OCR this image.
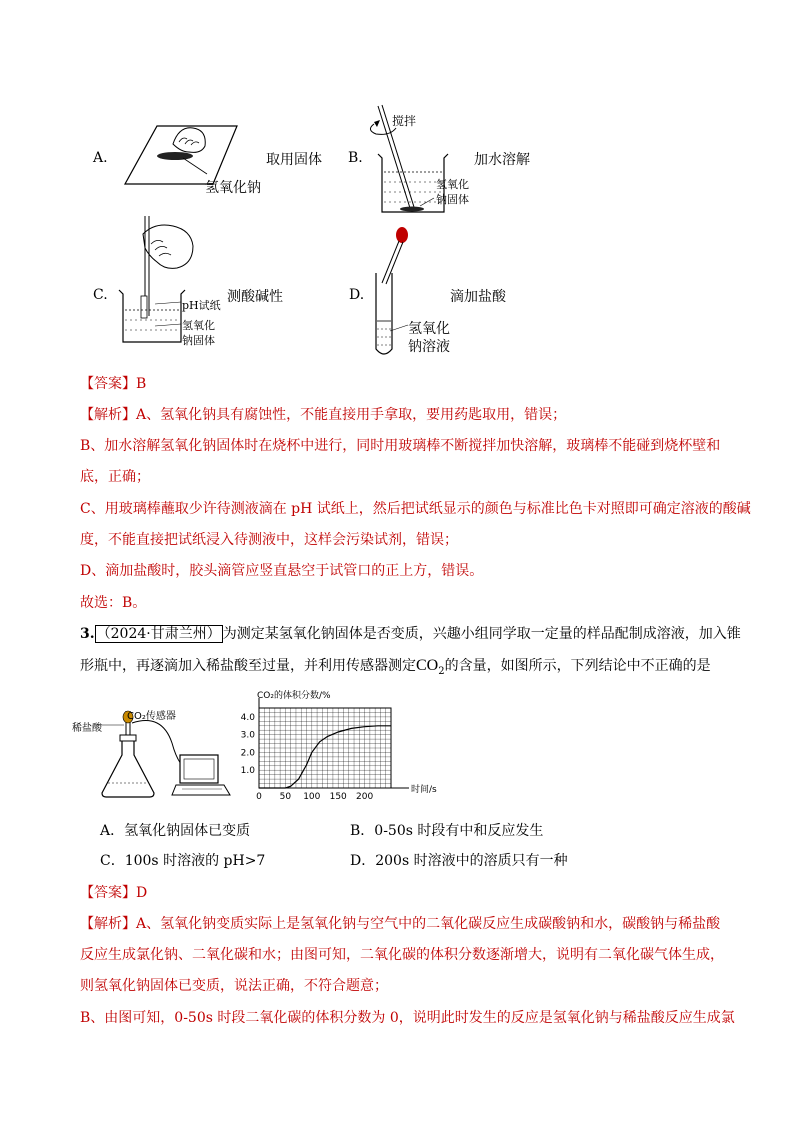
A.
氢氧化钠
取用固体 B.
搅拌
氢氧化
钠固体
加水溶解
C.
pH试纸
氢氧化
钠固体
测酸碱性	D.
氢氧化
钠溶液
滴加盐酸
【答案】B
【解析】A、氢氧化钠具有腐蚀性，不能直接用手拿取，要用药匙取用，错误；
B、加水溶解氢氧化钠固体时在烧杯中进行，同时用玻璃棒不断搅拌加快溶解，玻璃棒不能碰到烧杯壁和
底，正确；
C、用玻璃棒蘸取少许待测液滴在 pH 试纸上，然后把试纸显示的颜色与标准比色卡对照即可确定溶液的酸碱
度，不能直接把试纸浸入待测液中，这样会污染试剂，错误；
D、滴加盐酸时，胶头滴管应竖直悬空于试管口的正上方，错误。
故选：B。
3. （2024·甘肃兰州） 为测定某氢氧化钠固体是否变质，兴趣小组同学取一定量的样品配制成溶液，加入锥
形瓶中，再逐滴加入稀盐酸至过量，并利用传感器测定$CO_2$的含量，如图所示，下列结论中不正确的是
CO₂传感器
稀盐酸
0 50 100 150 200
1.0
2.0
3.0
4.0
CO₂的体积分数/%
时间/s
A．氢氧化钠固体已变质	B．0-50s 时段有中和反应发生
C．100s 时溶液的 pH>7	D．200s 时溶液中的溶质只有一种
【答案】D
【解析】A、氢氧化钠变质实际上是氢氧化钠与空气中的二氧化碳反应生成碳酸钠和水，碳酸钠与稀盐酸
反应生成氯化钠、二氧化碳和水；由图可知，二氧化碳的体积分数逐渐增大，说明有二氧化碳气体生成，
则氢氧化钠固体已变质，说法正确，不符合题意；
B、由图可知，0-50s 时段二氧化碳的体积分数为 0，说明此时发生的反应是氢氧化钠与稀盐酸反应生成氯
